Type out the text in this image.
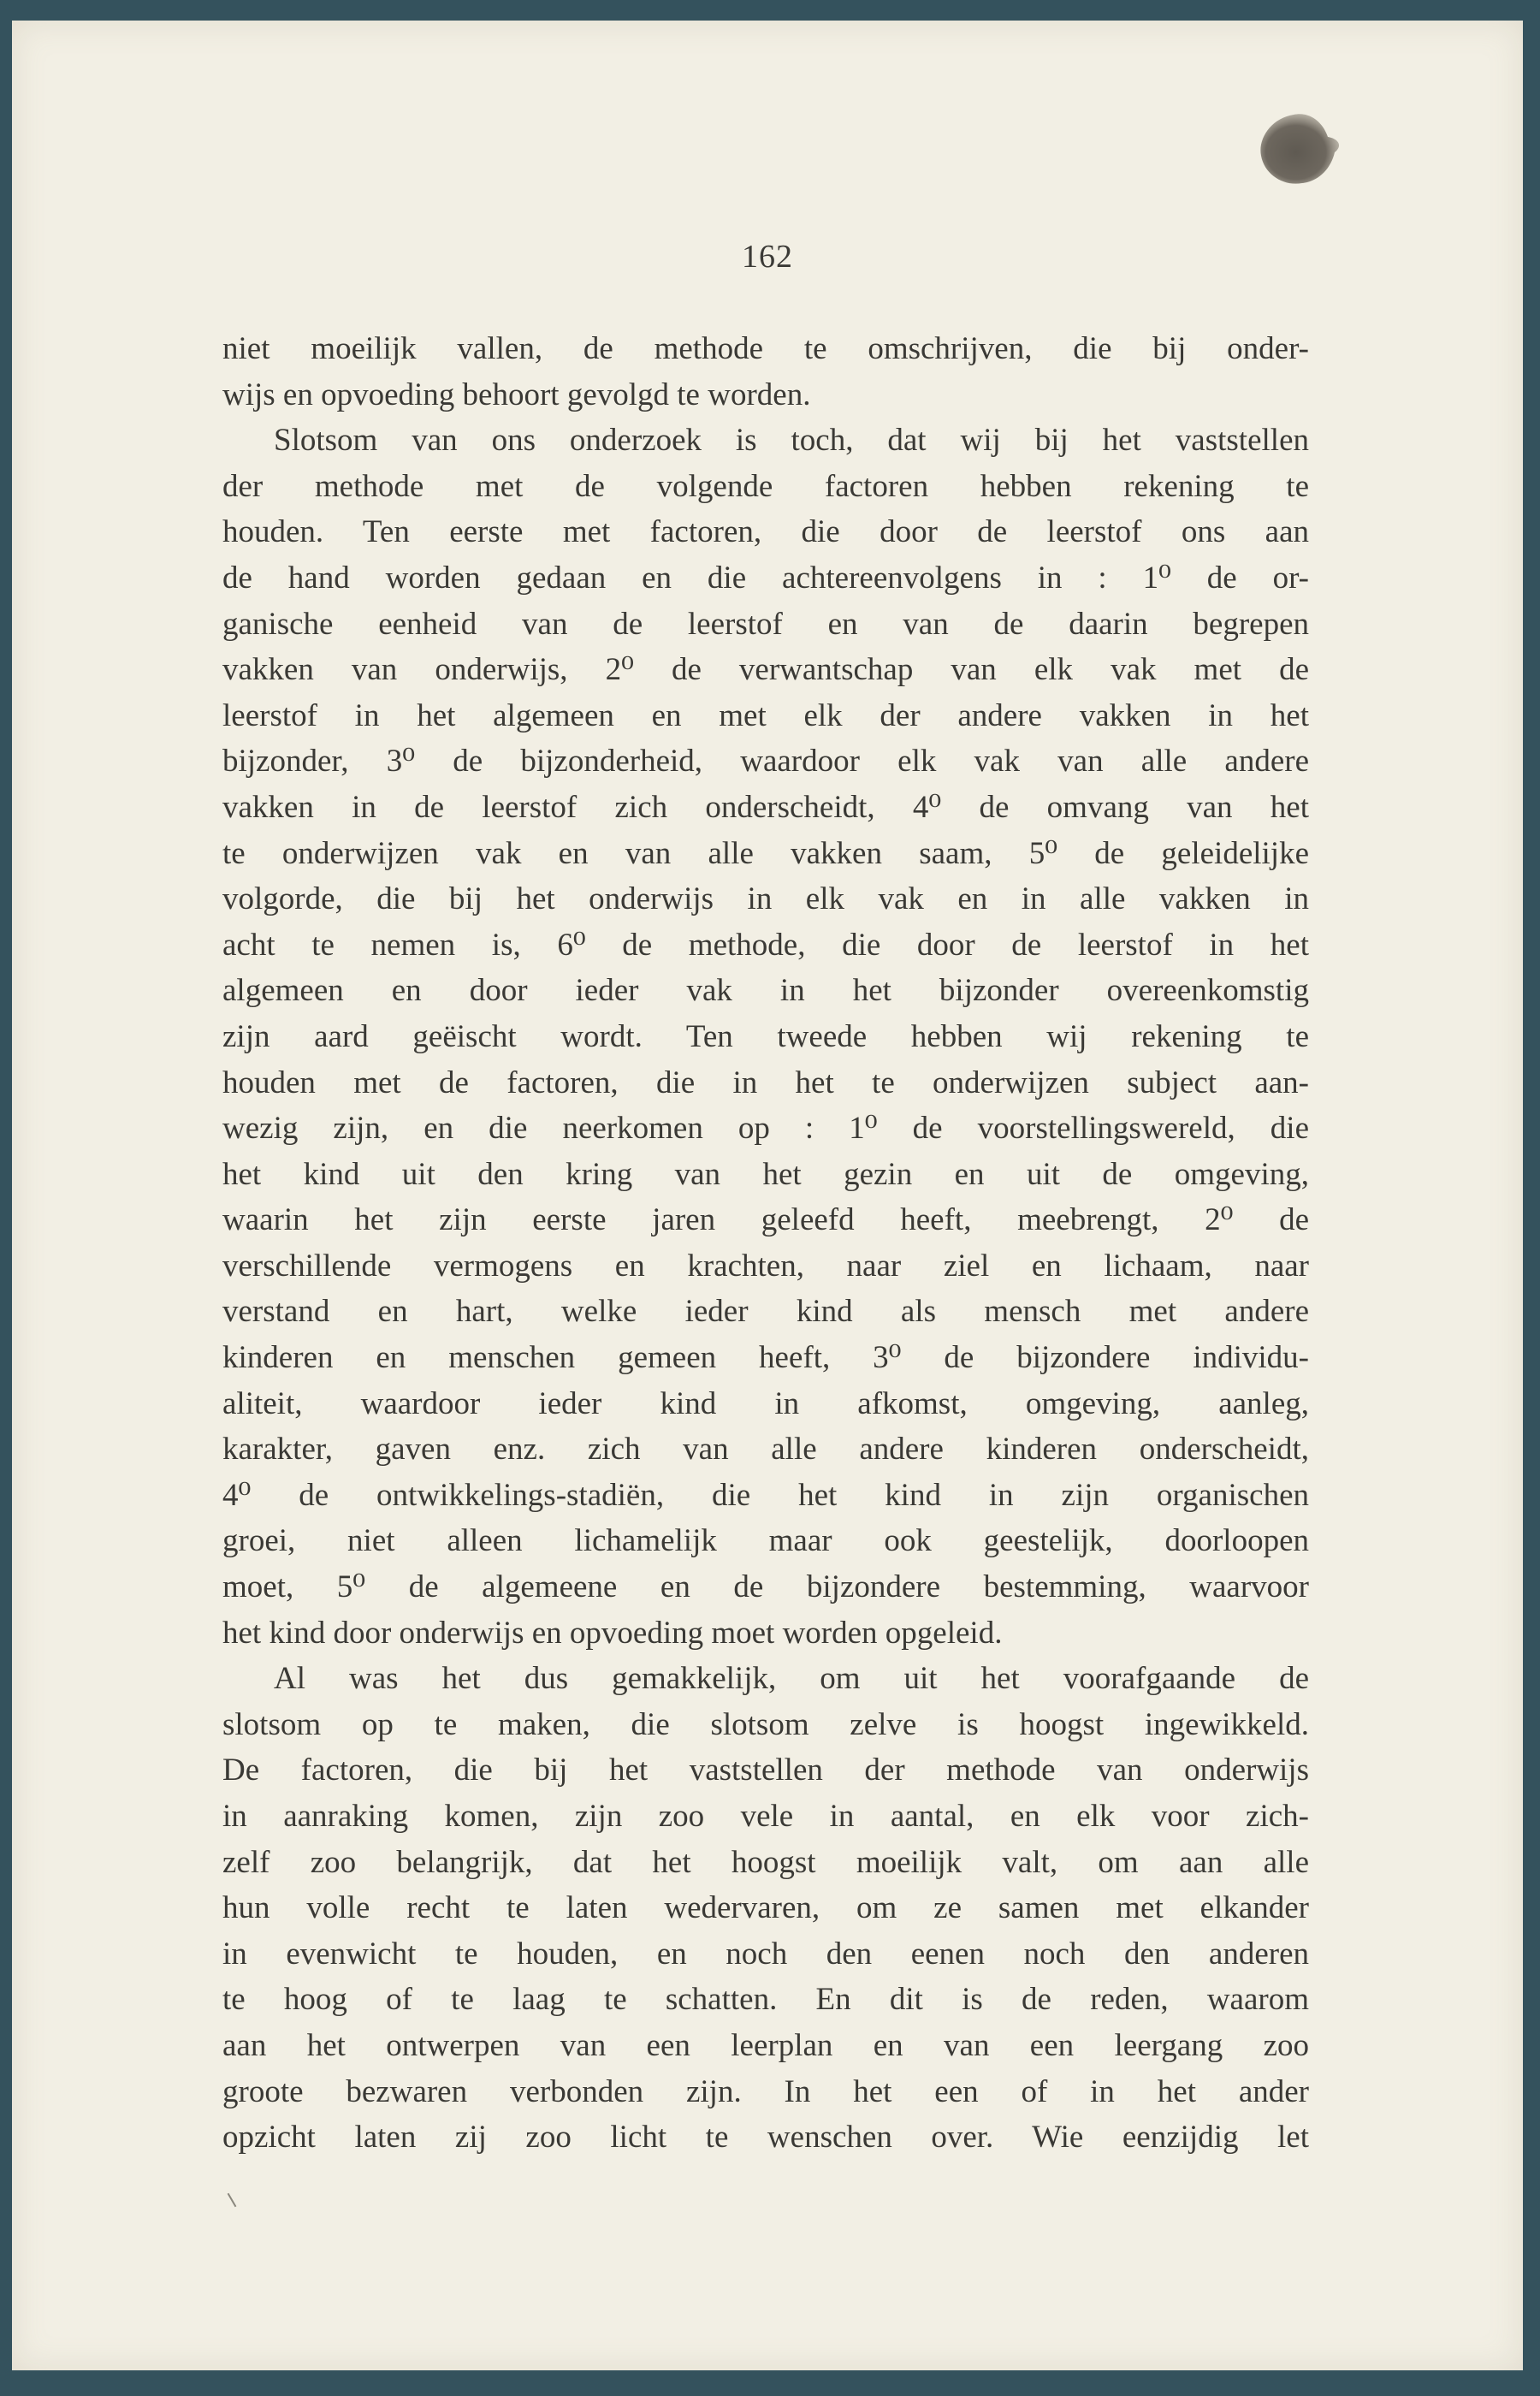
162
niet moeilijk vallen, de methode te omschrijven, die bij onder-
wijs en opvoeding behoort gevolgd te worden.
Slotsom van ons onderzoek is toch, dat wij bij het vaststellen
der methode met de volgende factoren hebben rekening te
houden. Ten eerste met factoren, die door de leerstof ons aan
de hand worden gedaan en die achtereenvolgens in : 1⁰ de or-
ganische eenheid van de leerstof en van de daarin begrepen
vakken van onderwijs, 2⁰ de verwantschap van elk vak met de
leerstof in het algemeen en met elk der andere vakken in het
bijzonder, 3⁰ de bijzonderheid, waardoor elk vak van alle andere
vakken in de leerstof zich onderscheidt, 4⁰ de omvang van het
te onderwijzen vak en van alle vakken saam, 5⁰ de geleidelijke
volgorde, die bij het onderwijs in elk vak en in alle vakken in
acht te nemen is, 6⁰ de methode, die door de leerstof in het
algemeen en door ieder vak in het bijzonder overeenkomstig
zijn aard geëischt wordt. Ten tweede hebben wij rekening te
houden met de factoren, die in het te onderwijzen subject aan-
wezig zijn, en die neerkomen op : 1⁰ de voorstellingswereld, die
het kind uit den kring van het gezin en uit de omgeving,
waarin het zijn eerste jaren geleefd heeft, meebrengt, 2⁰ de
verschillende vermogens en krachten, naar ziel en lichaam, naar
verstand en hart, welke ieder kind als mensch met andere
kinderen en menschen gemeen heeft, 3⁰ de bijzondere individu-
aliteit, waardoor ieder kind in afkomst, omgeving, aanleg,
karakter, gaven enz. zich van alle andere kinderen onderscheidt,
4⁰ de ontwikkelings-stadiën, die het kind in zijn organischen
groei, niet alleen lichamelijk maar ook geestelijk, doorloopen
moet, 5⁰ de algemeene en de bijzondere bestemming, waarvoor
het kind door onderwijs en opvoeding moet worden opgeleid.
Al was het dus gemakkelijk, om uit het voorafgaande de
slotsom op te maken, die slotsom zelve is hoogst ingewikkeld.
De factoren, die bij het vaststellen der methode van onderwijs
in aanraking komen, zijn zoo vele in aantal, en elk voor zich-
zelf zoo belangrijk, dat het hoogst moeilijk valt, om aan alle
hun volle recht te laten wedervaren, om ze samen met elkander
in evenwicht te houden, en noch den eenen noch den anderen
te hoog of te laag te schatten. En dit is de reden, waarom
aan het ontwerpen van een leerplan en van een leergang zoo
groote bezwaren verbonden zijn. In het een of in het ander
opzicht laten zij zoo licht te wenschen over. Wie eenzijdig let
